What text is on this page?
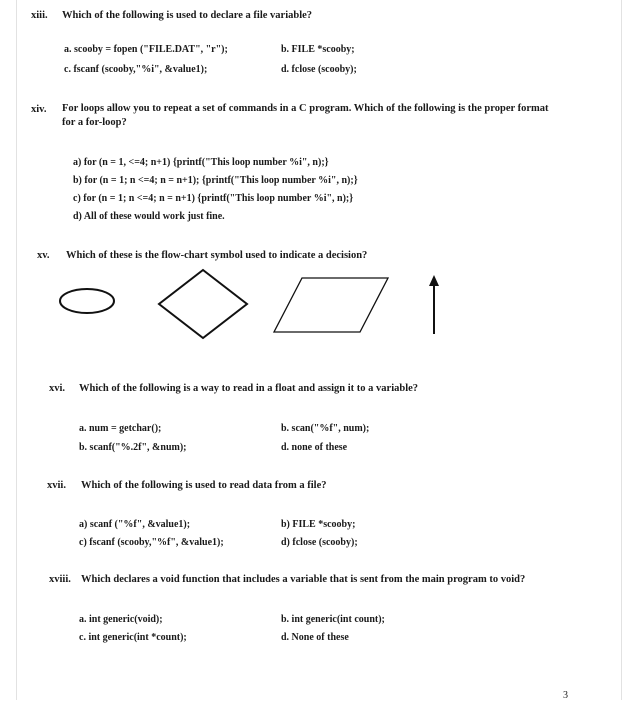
xiii. Which of the following is used to declare a file variable?
a. scooby = fopen ("FILE.DAT", "r");	b. FILE *scooby;
c. fscanf (scooby,"%i", &value1);	d. fclose (scooby);
xiv. For loops allow you to repeat a set of commands in a C program. Which of the following is the proper format for a for-loop?
a) for (n = 1, <=4; n+1) {printf("This loop number %i", n);}
b) for (n = 1; n <=4; n = n+1); {printf("This loop number %i", n);}
c) for (n = 1; n <=4; n = n+1) {printf("This loop number %i", n);}
d) All of these would work just fine.
xv. Which of these is the flow-chart symbol used to indicate a decision?
xvi. Which of the following is a way to read in a float and assign it to a variable?
a. num = getchar();	b. scan("%f", num);
b. scanf("%.2f", &num);	d. none of these
xvii. Which of the following is used to read data from a file?
a) scanf ("%f", &value1);	b) FILE *scooby;
c) fscanf (scooby,"%f", &value1);	d) fclose (scooby);
xviii. Which declares a void function that includes a variable that is sent from the main program to void?
a. int generic(void);	b. int generic(int count);
c. int generic(int *count);	d. None of these
3
